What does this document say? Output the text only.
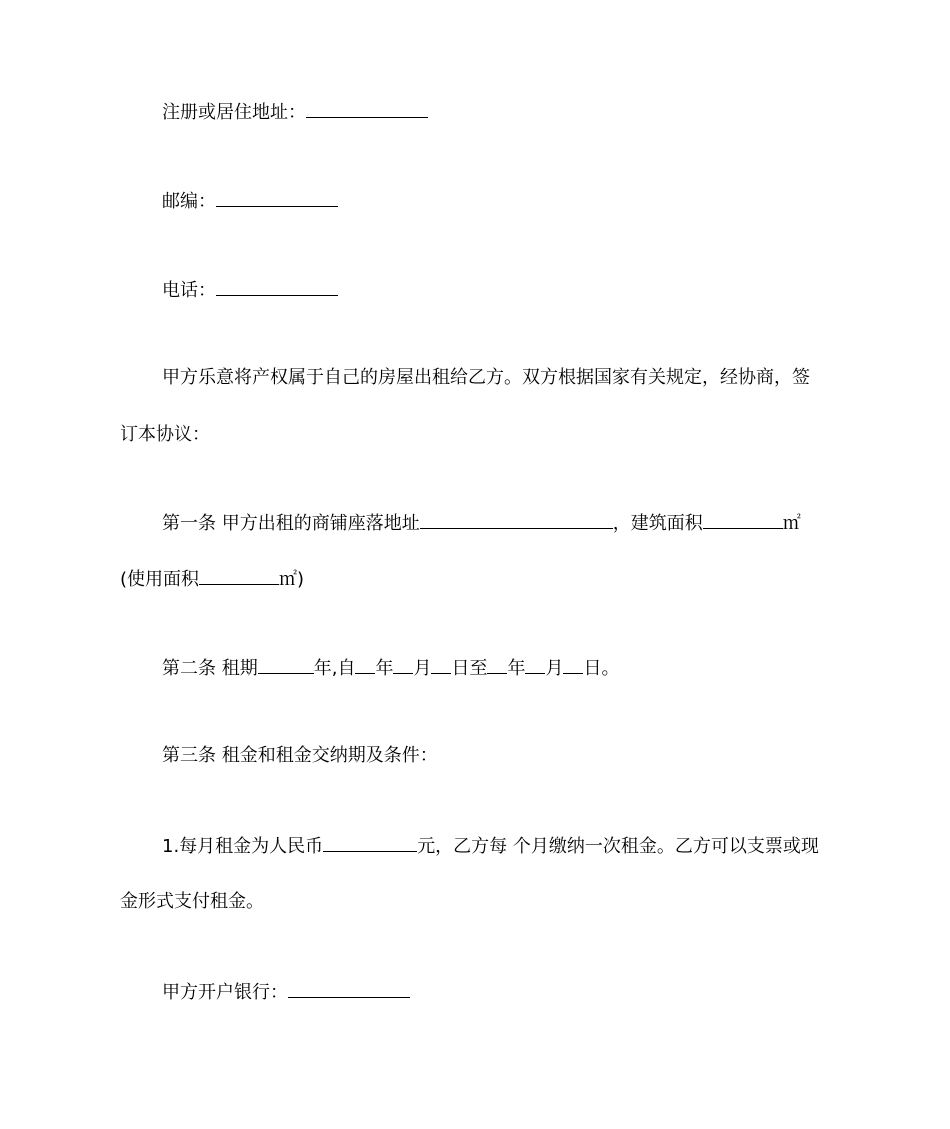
注册或居住地址：
邮编：
电话：
甲方乐意将产权属于自己的房屋出租给乙方。双方根据国家有关规定，经协商，签
订本协议：
第一条 甲方出租的商铺座落地址	，建筑面积	㎡
(使用面积	㎡)
第二条 租期	年,自 年 月 日至 年 月 日。
第三条 租金和租金交纳期及条件：
1.每月租金为人民币	元，乙方每 个月缴纳一次租金。乙方可以支票或现
金形式支付租金。
甲方开户银行：
